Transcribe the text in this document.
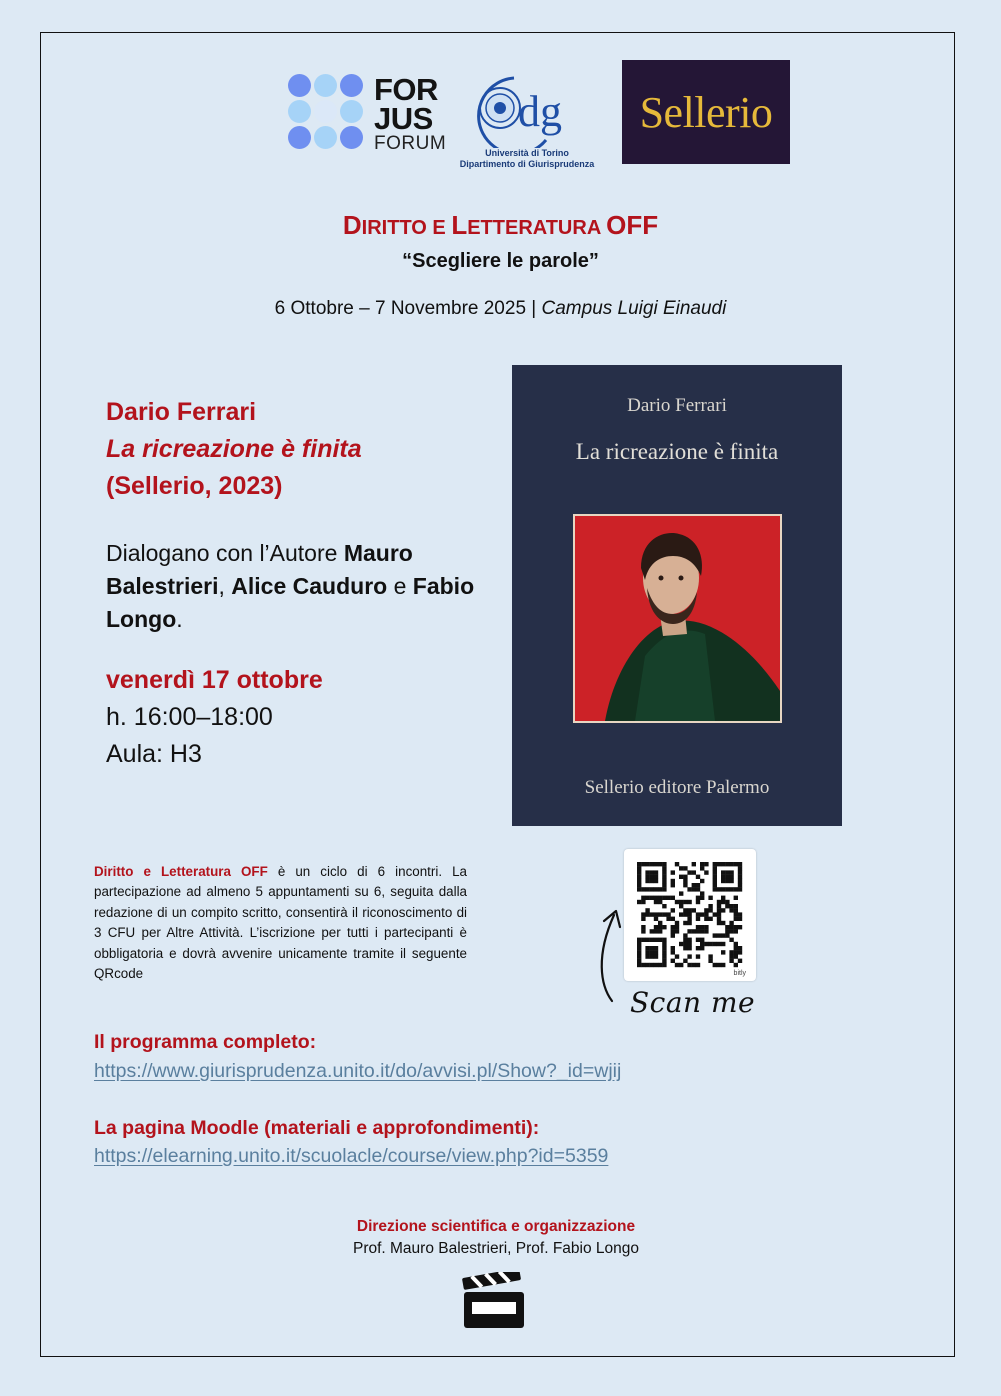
FOR
JUS
FORUM
dg
Università di Torino
Dipartimento di Giurisprudenza
Sellerio
DIRITTO E LETTERATURA OFF
“Scegliere le parole”
6 Ottobre – 7 Novembre 2025 | Campus Luigi Einaudi
Dario Ferrari
La ricreazione è finita
(Sellerio, 2023)
Dialogano con l’Autore Mauro Balestrieri, Alice Cauduro e Fabio Longo.
venerdì 17 ottobre
h. 16:00–18:00
Aula: H3
Dario Ferrari
La ricreazione è finita
Sellerio editore Palermo
Diritto e Letteratura OFF è un ciclo di 6 incontri. La partecipazione ad almeno 5 appuntamenti su 6, seguita dalla redazione di un compito scritto, consentirà il riconoscimento di 3 CFU per Altre Attività. L’iscrizione per tutti i partecipanti è obbligatoria e dovrà avvenire unicamente tramite il seguente QRcode	bitly
Scan me
Il programma completo:
https://www.giurisprudenza.unito.it/do/avvisi.pl/Show?_id=wjij
La pagina Moodle (materiali e approfondimenti):
https://elearning.unito.it/scuolacle/course/view.php?id=5359
Direzione scientifica e organizzazione
Prof. Mauro Balestrieri, Prof. Fabio Longo
